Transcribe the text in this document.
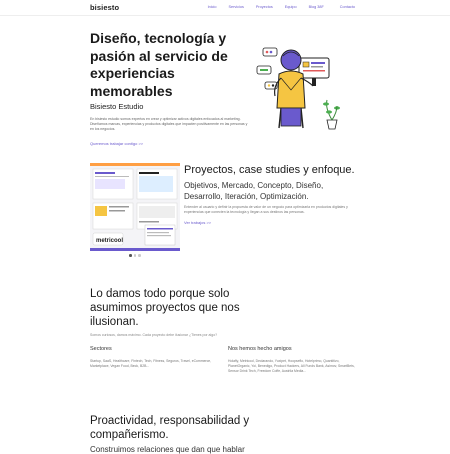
bisiesto	Inicio	Servicios	Proyectos	Equipo	Blog 38F	Contacto
Diseño, tecnología y pasión al servicio de experiencias memorables
Bisiesto Estudio
En bisiesto estudio somos expertos en crear y optimizar activos digitales enfocados al marketing. Diseñamos marcas, experiencias y productos digitales que impacten positivamente en las personas y en los negocios.
Queremos trabajar contigo >>
metricool
Proyectos, case studies y enfoque.
Objetivos, Mercado, Concepto, Diseño, Desarrollo, Iteración, Optimización.
Entender al usuario y definir la propuesta de valor de un negocio para optimizarla en productos digitales y experiencias que conecten la tecnología y llegan a sus destinos las personas.
Ver trabajos >>
Lo damos todo porque solo asumimos proyectos que nos ilusionan.
Somos curiosos, damos máximo. Cada proyecto debe ilusionar ¿Tienes por algo?
Sectores
Startup, SaaS, Healthcare, Fintech, Tech, Fitness, Seguros, Travel, eCommerce, Marketplace, Vegan Food, Beck, B2B...
Nos hemos hecho amigos
Holafly, Metricool, Declarando, Yuxipet, Hoopseflo, Hotelprimo, Quantitivo, PlanetOrganic, Yoi, Benedigo, Product Hackers, All Funds Bank, Asimov, SmartBets, Sensor Drink Tech, Freedom Coffe, Austrila Media...
Proactividad, responsabilidad y compañerismo.
Construimos relaciones que dan que hablar
